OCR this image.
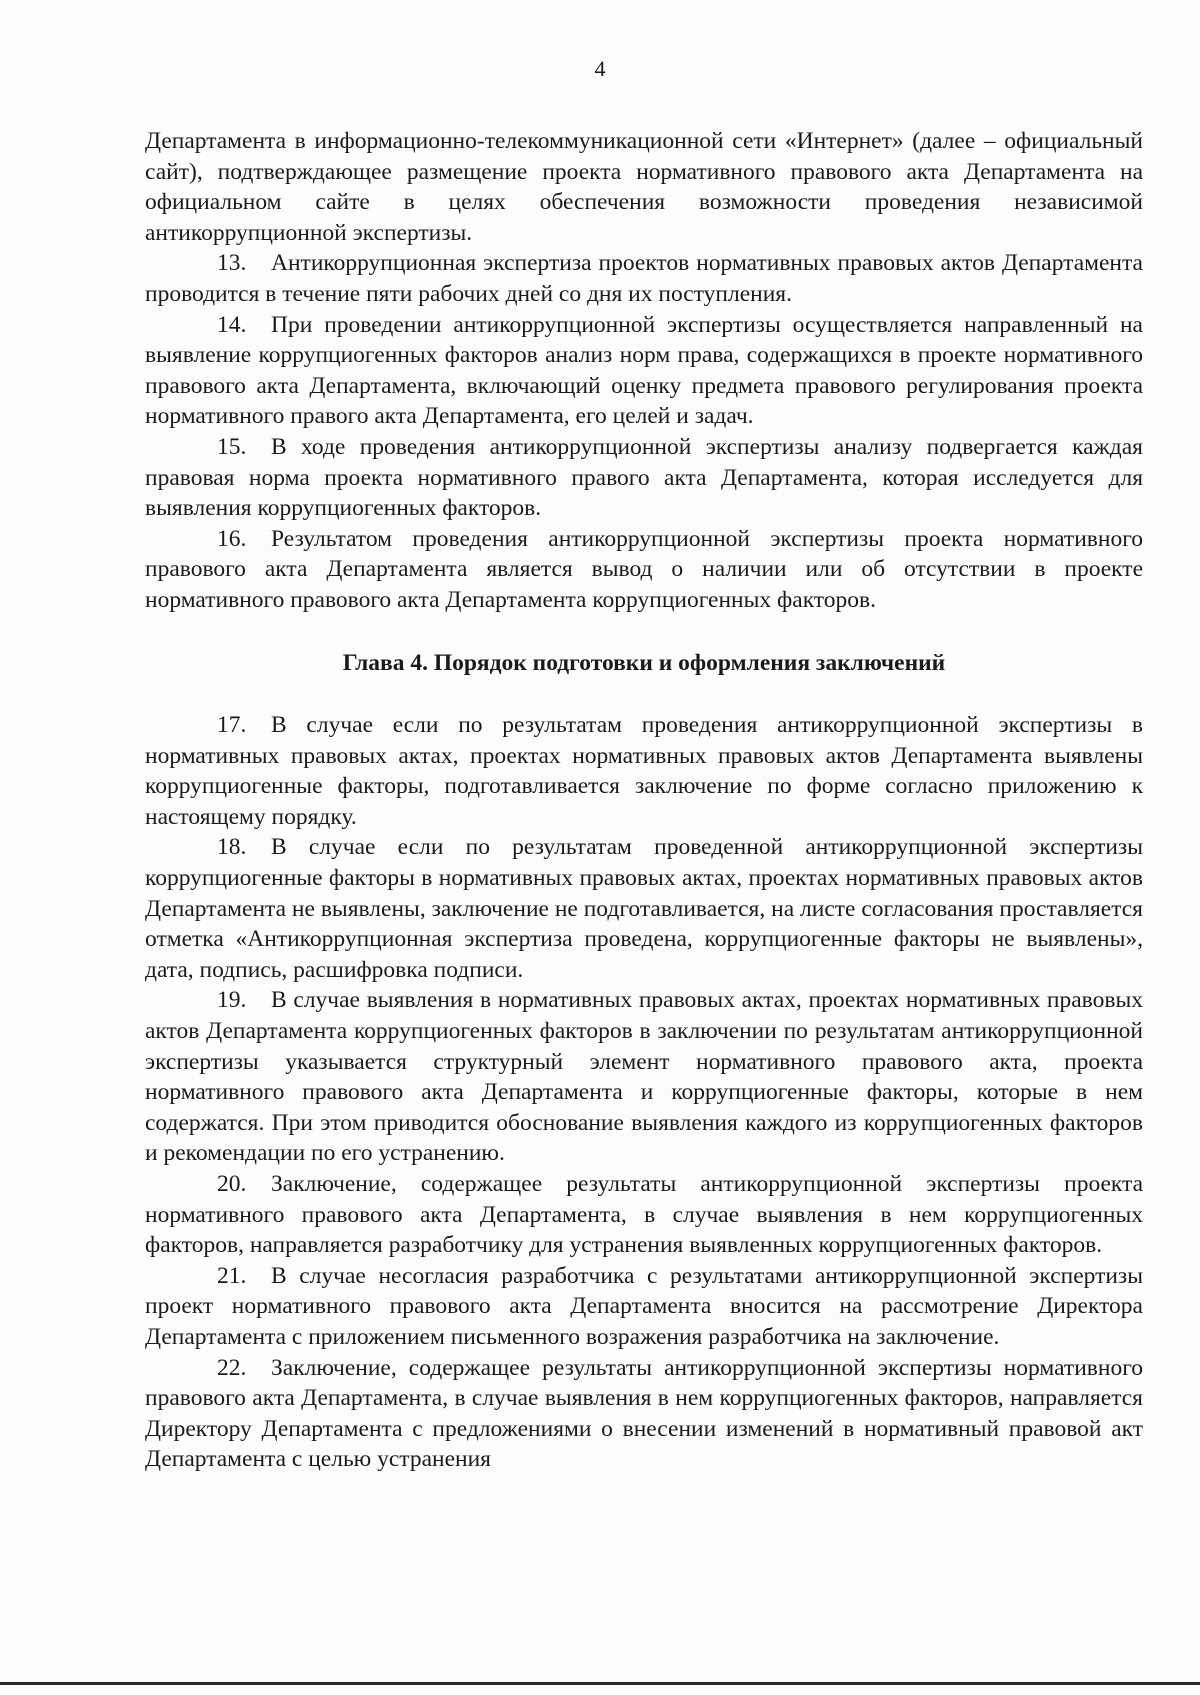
4

Департамента в информационно-телекоммуникационной сети «Интернет» (далее – официальный сайт), подтверждающее размещение проекта нормативного правового акта Департамента на официальном сайте в целях обеспечения возможности проведения независимой антикоррупционной экспертизы.

13. Антикоррупционная экспертиза проектов нормативных правовых актов Департамента проводится в течение пяти рабочих дней со дня их поступления.

14. При проведении антикоррупционной экспертизы осуществляется направленный на выявление коррупциогенных факторов анализ норм права, содержащихся в проекте нормативного правового акта Департамента, включающий оценку предмета правового регулирования проекта нормативного правого акта Департамента, его целей и задач.

15. В ходе проведения антикоррупционной экспертизы анализу подвергается каждая правовая норма проекта нормативного правого акта Департамента, которая исследуется для выявления коррупциогенных факторов.

16. Результатом проведения антикоррупционной экспертизы проекта нормативного правового акта Департамента является вывод о наличии или об отсутствии в проекте нормативного правового акта Департамента коррупциогенных факторов.

Глава 4. Порядок подготовки и оформления заключений

17. В случае если по результатам проведения антикоррупционной экспертизы в нормативных правовых актах, проектах нормативных правовых актов Департамента выявлены коррупциогенные факторы, подготавливается заключение по форме согласно приложению к настоящему порядку.

18. В случае если по результатам проведенной антикоррупционной экспертизы коррупциогенные факторы в нормативных правовых актах, проектах нормативных правовых актов Департамента не выявлены, заключение не подготавливается, на листе согласования проставляется отметка «Антикоррупционная экспертиза проведена, коррупциогенные факторы не выявлены», дата, подпись, расшифровка подписи.

19. В случае выявления в нормативных правовых актах, проектах нормативных правовых актов Департамента коррупциогенных факторов в заключении по результатам антикоррупционной экспертизы указывается структурный элемент нормативного правового акта, проекта нормативного правового акта Департамента и коррупциогенные факторы, которые в нем содержатся. При этом приводится обоснование выявления каждого из коррупциогенных факторов и рекомендации по его устранению.

20. Заключение, содержащее результаты антикоррупционной экспертизы проекта нормативного правового акта Департамента, в случае выявления в нем коррупциогенных факторов, направляется разработчику для устранения выявленных коррупциогенных факторов.

21. В случае несогласия разработчика с результатами антикоррупционной экспертизы проект нормативного правового акта Департамента вносится на рассмотрение Директора Департамента с приложением письменного возражения разработчика на заключение.

22. Заключение, содержащее результаты антикоррупционной экспертизы нормативного правового акта Департамента, в случае выявления в нем коррупциогенных факторов, направляется Директору Департамента с предложениями о внесении изменений в нормативный правовой акт Департамента с целью устранения
